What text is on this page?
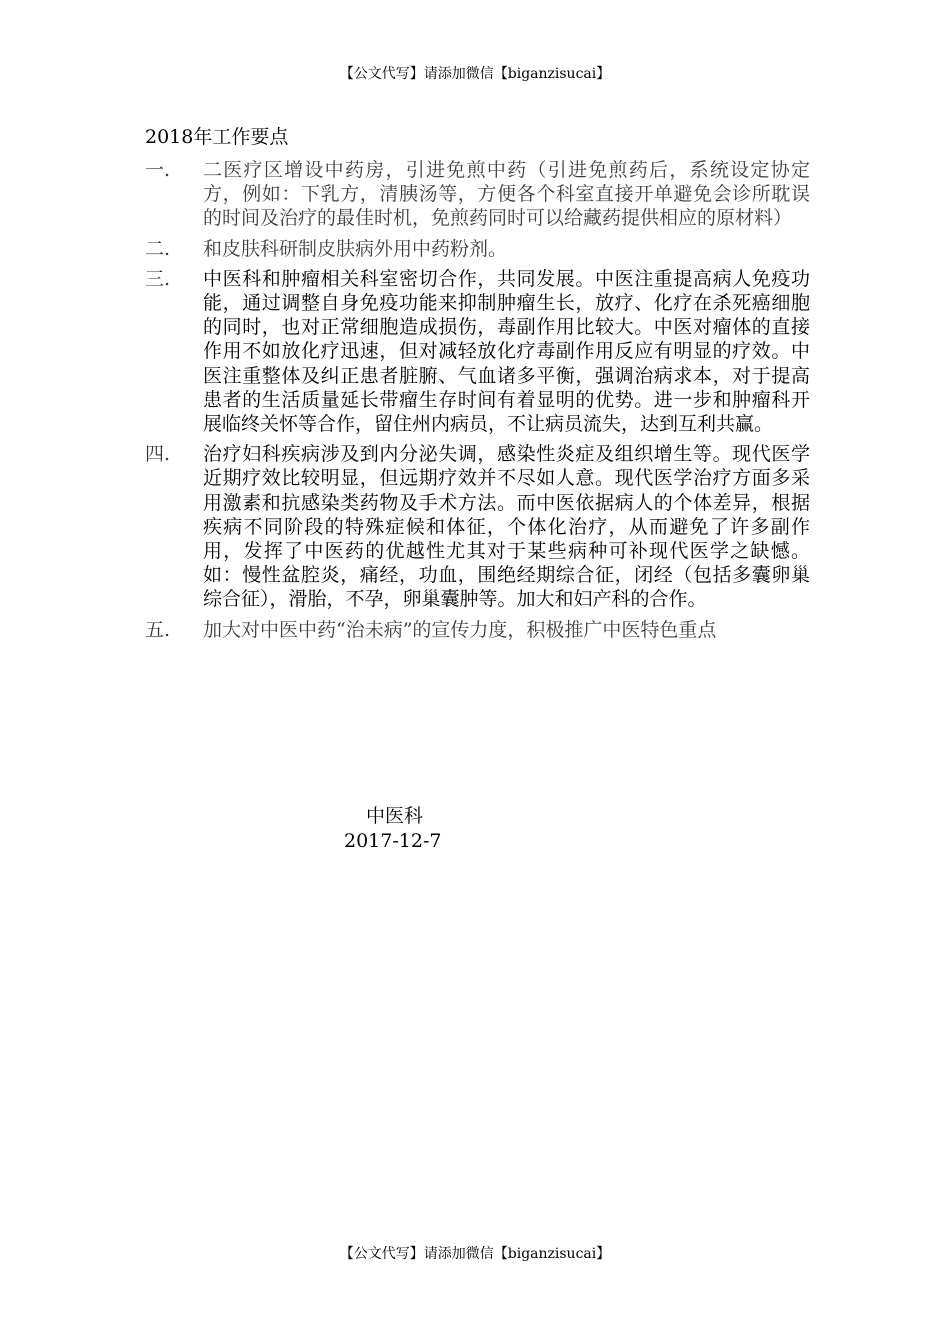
【公文代写】请添加微信【biganzisucai】
2018年工作要点
一.	二医疗区增设中药房，引进免煎中药（引进免煎药后，系统设定协定方，例如：下乳方，清胰汤等，方便各个科室直接开单避免会诊所耽误的时间及治疗的最佳时机，免煎药同时可以给藏药提供相应的原材料）
二.	和皮肤科研制皮肤病外用中药粉剂。
三.	中医科和肿瘤相关科室密切合作，共同发展。中医注重提高病人免疫功能，通过调整自身免疫功能来抑制肿瘤生长，放疗、化疗在杀死癌细胞的同时，也对正常细胞造成损伤，毒副作用比较大。中医对瘤体的直接作用不如放化疗迅速，但对减轻放化疗毒副作用反应有明显的疗效。中医注重整体及纠正患者脏腑、气血诸多平衡，强调治病求本，对于提高患者的生活质量延长带瘤生存时间有着显明的优势。进一步和肿瘤科开展临终关怀等合作，留住州内病员，不让病员流失，达到互利共赢。
四.	治疗妇科疾病涉及到内分泌失调，感染性炎症及组织增生等。现代医学近期疗效比较明显，但远期疗效并不尽如人意。现代医学治疗方面多采用激素和抗感染类药物及手术方法。而中医依据病人的个体差异，根据疾病不同阶段的特殊症候和体征，个体化治疗，从而避免了许多副作用，发挥了中医药的优越性尤其对于某些病种可补现代医学之缺憾。如：慢性盆腔炎，痛经，功血，围绝经期综合征，闭经（包括多囊卵巢综合征），滑胎，不孕，卵巢囊肿等。加大和妇产科的合作。
五.	加大对中医中药“治未病”的宣传力度，积极推广中医特色重点
中医科
2017-12-7
【公文代写】请添加微信【biganzisucai】
